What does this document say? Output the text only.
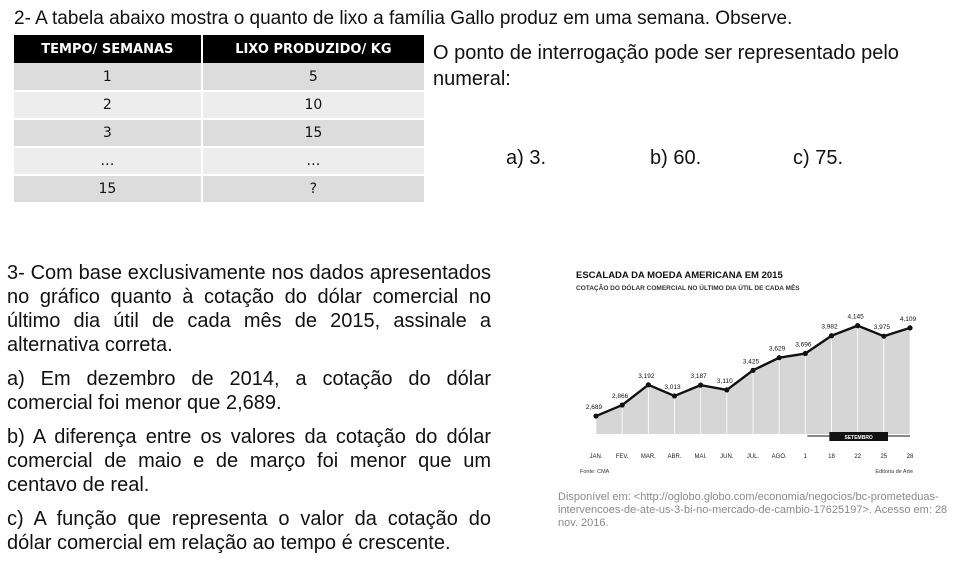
2- A tabela abaixo mostra o quanto de lixo a família Gallo produz em uma semana. Observe.
TEMPO/ SEMANAS	LIXO PRODUZIDO/ KG
1	5
2	10
3	15
…	…
15	?
O ponto de interrogação pode ser representado pelo numeral:
a) 3.	b) 60.	c) 75.

3- Com base exclusivamente nos dados apresentados no gráfico quanto à cotação do dólar comercial no último dia útil de cada mês de 2015, assinale a alternativa correta.

a) Em dezembro de 2014, a cotação do dólar comercial foi menor que 2,689.

b) A diferença entre os valores da cotação do dólar comercial de maio e de março foi menor que um centavo de real.

c) A função que representa o valor da cotação do dólar comercial em relação ao tempo é crescente.

ESCALADA DA MOEDA AMERICANA EM 2015
COTAÇÃO DO DÓLAR COMERCIAL NO ÚLTIMO DIA ÚTIL DE CADA MÊS
2,689
JAN.
2,866
FEV.
3,192
MAR.
3,013
ABR.
3,187
MAI.
3,110
JUN.
3,425
JUL.
3,629
AGO.
3,696
1
3,982
18
4,145
22
3,975
25
4,109
28
SETEMBRO
Fonte: CMA	Editoria de Arte
Disponível em: <http://oglobo.globo.com/economia/negocios/bc-prometeduas-intervencoes-de-ate-us-3-bi-no-mercado-de-cambio-17625197>. Acesso em: 28 nov. 2016.
